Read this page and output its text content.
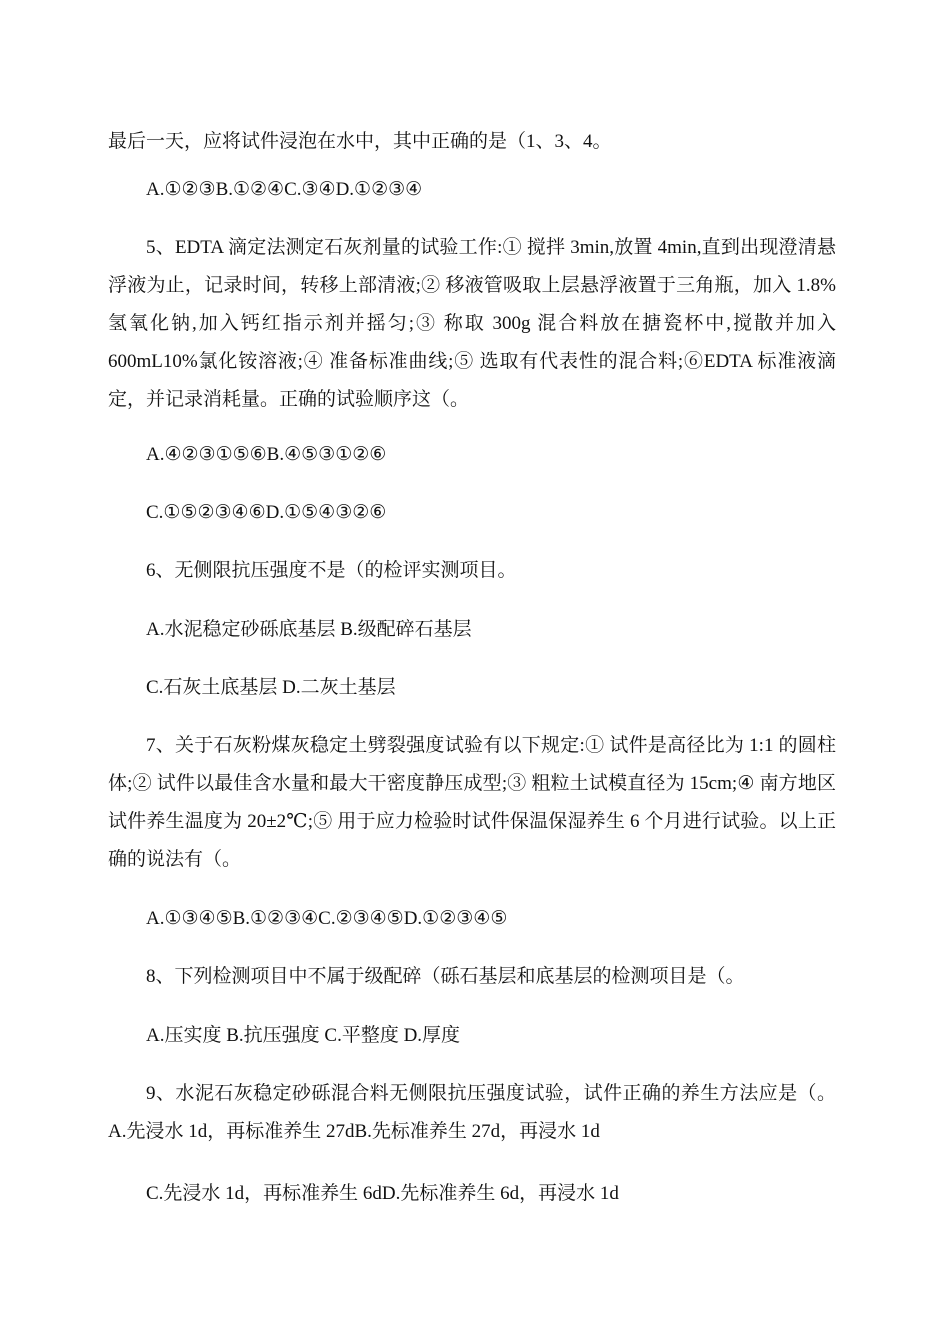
最后一天，应将试件浸泡在水中，其中正确的是（1、3、4。

A.①②③B.①②④C.③④D.①②③④

5、EDTA 滴定法测定石灰剂量的试验工作:① 搅拌 3min,放置 4min,直到出现澄清悬浮液为止，记录时间，转移上部清液;② 移液管吸取上层悬浮液置于三角瓶，加入 1.8%氢氧化钠,加入钙红指示剂并摇匀;③ 称取 300g 混合料放在搪瓷杯中,搅散并加入 600mL10%氯化铵溶液;④ 准备标准曲线;⑤ 选取有代表性的混合料;⑥EDTA 标准液滴定，并记录消耗量。正确的试验顺序这（。

A.④②③①⑤⑥B.④⑤③①②⑥

C.①⑤②③④⑥D.①⑤④③②⑥

6、无侧限抗压强度不是（的检评实测项目。

A.水泥稳定砂砾底基层 B.级配碎石基层

C.石灰土底基层 D.二灰土基层

7、关于石灰粉煤灰稳定土劈裂强度试验有以下规定:① 试件是高径比为 1:1 的圆柱体;② 试件以最佳含水量和最大干密度静压成型;③ 粗粒土试模直径为 15cm;④ 南方地区试件养生温度为 20±2℃;⑤ 用于应力检验时试件保温保湿养生 6 个月进行试验。以上正确的说法有（。

A.①③④⑤B.①②③④C.②③④⑤D.①②③④⑤

8、下列检测项目中不属于级配碎（砾石基层和底基层的检测项目是（。

A.压实度 B.抗压强度 C.平整度 D.厚度

9、水泥石灰稳定砂砾混合料无侧限抗压强度试验，试件正确的养生方法应是（。A.先浸水 1d，再标准养生 27dB.先标准养生 27d，再浸水 1d

C.先浸水 1d，再标准养生 6dD.先标准养生 6d，再浸水 1d
